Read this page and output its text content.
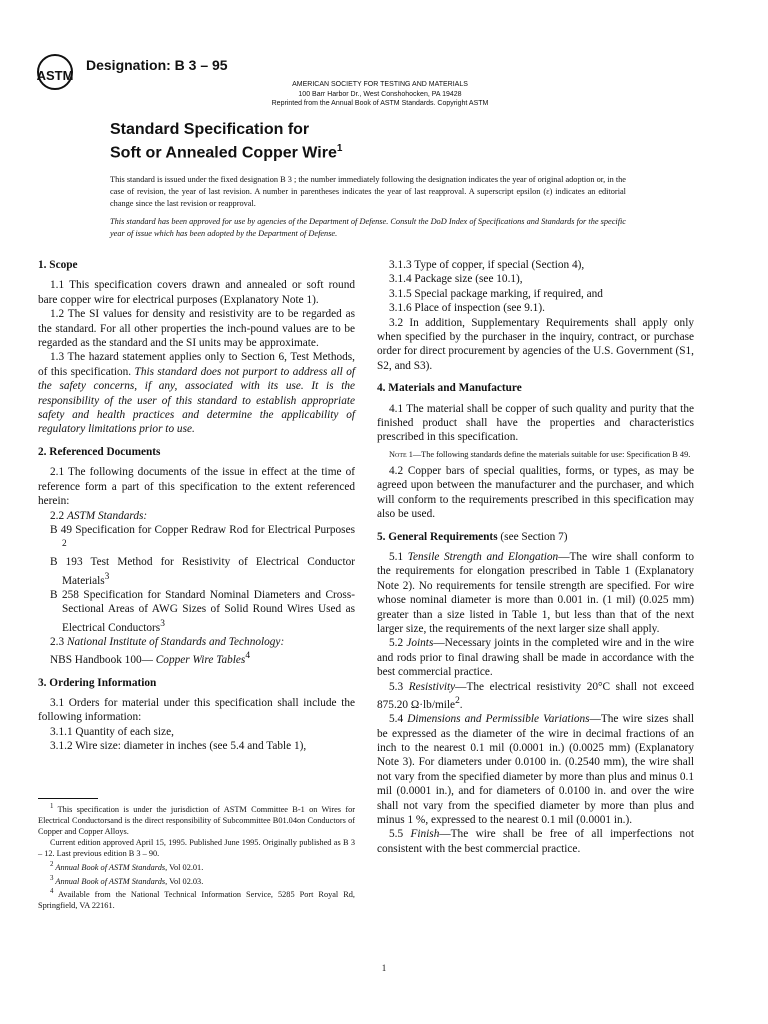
ASTM
Designation: B 3 – 95
AMERICAN SOCIETY FOR TESTING AND MATERIALS
100 Barr Harbor Dr., West Conshohocken, PA 19428
Reprinted from the Annual Book of ASTM Standards. Copyright ASTM
Standard Specification for
Soft or Annealed Copper Wire$^1$

This standard is issued under the fixed designation B 3 ; the number immediately following the designation indicates the year of original adoption or, in the case of revision, the year of last revision. A number in parentheses indicates the year of last reapproval. A superscript epsilon (ε) indicates an editorial change since the last revision or reapproval.

This standard has been approved for use by agencies of the Department of Defense. Consult the DoD Index of Specifications and Standards for the specific year of issue which has been adopted by the Department of Defense.

1. Scope

1.1 This specification covers drawn and annealed or soft round bare copper wire for electrical purposes (Explanatory Note 1).

1.2 The SI values for density and resistivity are to be regarded as the standard. For all other properties the inch-pound values are to be regarded as the standard and the SI units may be approximate.

1.3 The hazard statement applies only to Section 6, Test Methods, of this specification. This standard does not purport to address all of the safety concerns, if any, associated with its use. It is the responsibility of the user of this standard to establish appropriate safety and health practices and determine the applicability of regulatory limitations prior to use.

2. Referenced Documents

2.1 The following documents of the issue in effect at the time of reference form a part of this specification to the extent referenced herein:

2.2 ASTM Standards:

B 49 Specification for Copper Redraw Rod for Electrical Purposes $^2$

B 193 Test Method for Resistivity of Electrical Conductor Materials$^3$

B 258 Specification for Standard Nominal Diameters and Cross-Sectional Areas of AWG Sizes of Solid Round Wires Used as Electrical Conductors$^3$

2.3 National Institute of Standards and Technology:

NBS Handbook 100— Copper Wire Tables$^4$

3. Ordering Information

3.1 Orders for material under this specification shall include the following information:

3.1.1 Quantity of each size,

3.1.2 Wire size: diameter in inches (see 5.4 and Table 1),

$^1$ This specification is under the jurisdiction of ASTM Committee B-1 on Wires for Electrical Conductorsand is the direct responsibility of Subcommittee B01.04on Conductors of Copper and Copper Alloys.

Current edition approved April 15, 1995. Published June 1995. Originally published as B 3 – 12. Last previous edition B 3 – 90.

$^2$ Annual Book of ASTM Standards, Vol 02.01.

$^3$ Annual Book of ASTM Standards, Vol 02.03.

$^4$ Available from the National Technical Information Service, 5285 Port Royal Rd, Springfield, VA 22161.

3.1.3 Type of copper, if special (Section 4),

3.1.4 Package size (see 10.1),

3.1.5 Special package marking, if required, and

3.1.6 Place of inspection (see 9.1).

3.2 In addition, Supplementary Requirements shall apply only when specified by the purchaser in the inquiry, contract, or purchase order for direct procurement by agencies of the U.S. Government (S1, S2, and S3).

4. Materials and Manufacture

4.1 The material shall be copper of such quality and purity that the finished product shall have the properties and characteristics prescribed in this specification.

Note 1—The following standards define the materials suitable for use: Specification B 49.

4.2 Copper bars of special qualities, forms, or types, as may be agreed upon between the manufacturer and the purchaser, and which will conform to the requirements prescribed in this specification may also be used.

5. General Requirements (see Section 7)

5.1 Tensile Strength and Elongation—The wire shall conform to the requirements for elongation prescribed in Table 1 (Explanatory Note 2). No requirements for tensile strength are specified. For wire whose nominal diameter is more than 0.001 in. (1 mil) (0.025 mm) greater than a size listed in Table 1, but less than that of the next larger size, the requirements of the next larger size shall apply.

5.2 Joints—Necessary joints in the completed wire and in the wire and rods prior to final drawing shall be made in accordance with the best commercial practice.

5.3 Resistivity—The electrical resistivity 20°C shall not exceed 875.20 Ω·lb/mile$^2$.

5.4 Dimensions and Permissible Variations—The wire sizes shall be expressed as the diameter of the wire in decimal fractions of an inch to the nearest 0.1 mil (0.0001 in.) (0.0025 mm) (Explanatory Note 3). For diameters under 0.0100 in. (0.2540 mm), the wire shall not vary from the specified diameter by more than plus and minus 0.1 mil (0.0001 in.), and for diameters of 0.0100 in. and over the wire shall not vary from the specified diameter by more than plus and minus 1 %, expressed to the nearest 0.1 mil (0.0001 in.).

5.5 Finish—The wire shall be free of all imperfections not consistent with the best commercial practice.

1
